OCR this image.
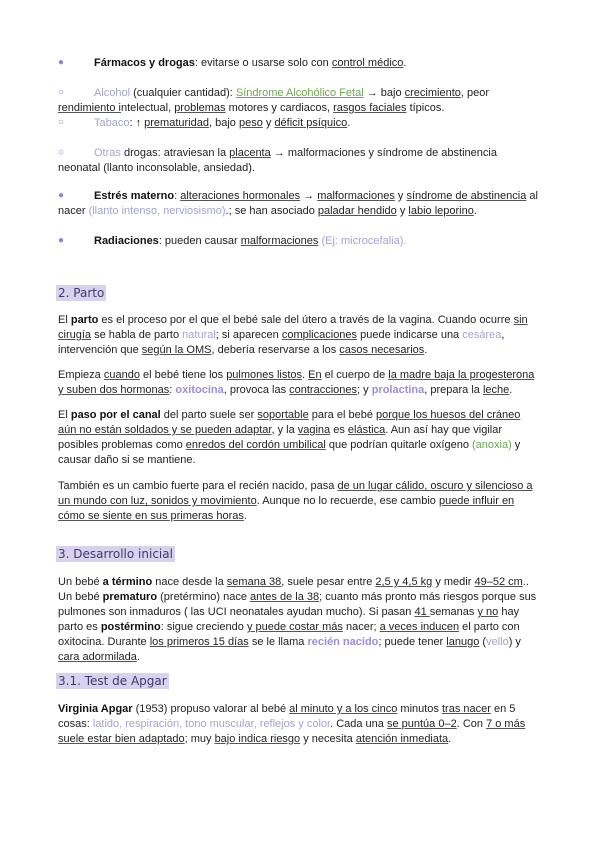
●	Fármacos y drogas: evitarse o usarse solo con control médico.
○	Alcohol (cualquier cantidad): Síndrome Alcohólico Fetal → bajo crecimiento, peor
rendimiento intelectual, problemas motores y cardiacos, rasgos faciales típicos.
○	Tabaco: ↑ prematuridad, bajo peso y déficit psíquico.
○	Otras drogas: atraviesan la placenta → malformaciones y síndrome de abstinencia
neonatal (llanto inconsolable, ansiedad).
●	Estrés materno: alteraciones hormonales → malformaciones y síndrome de abstinencia al
nacer (llanto intenso, nerviosismo).; se han asociado paladar hendido y labio leporino.
●	Radiaciones: pueden causar malformaciones (Ej: microcefalia).
2. Parto
El parto es el proceso por el que el bebé sale del útero a través de la vagina. Cuando ocurre sin
cirugía se habla de parto natural; si aparecen complicaciones puede indicarse una cesárea,
intervención que según la OMS, debería reservarse a los casos necesarios.
Empieza cuando el bebé tiene los pulmones listos. En el cuerpo de la madre baja la progesterona
y suben dos hormonas: oxitocina, provoca las contracciones; y prolactina, prepara la leche.
El paso por el canal del parto suele ser soportable para el bebé porque los huesos del cráneo
aún no están soldados y se pueden adaptar, y la vagina es elástica. Aun así hay que vigilar
posibles problemas como enredos del cordón umbilical que podrían quitarle oxígeno (anoxia) y
causar daño si se mantiene.
También es un cambio fuerte para el recién nacido, pasa de un lugar cálido, oscuro y silencioso a
un mundo con luz, sonidos y movimiento. Aunque no lo recuerde, ese cambio puede influir en
cómo se siente en sus primeras horas.
3. Desarrollo inicial
Un bebé a término nace desde la semana 38, suele pesar entre 2,5 y 4,5 kg y medir 49–52 cm..
Un bebé prematuro (pretérmino) nace antes de la 38; cuanto más pronto más riesgos porque sus
pulmones son inmaduros ( las UCI neonatales ayudan mucho). Si pasan 41 semanas y no hay
parto es postérmino: sigue creciendo y puede costar más nacer; a veces inducen el parto con
oxitocina. Durante los primeros 15 días se le llama recién nacido; puede tener lanugo (vello) y
cara adormilada.
3.1. Test de Apgar
Virginia Apgar (1953) propuso valorar al bebé al minuto y a los cinco minutos tras nacer en 5
cosas: latido, respiración, tono muscular, reflejos y color. Cada una se puntúa 0–2. Con 7 o más
suele estar bien adaptado; muy bajo indica riesgo y necesita atención inmediata.
